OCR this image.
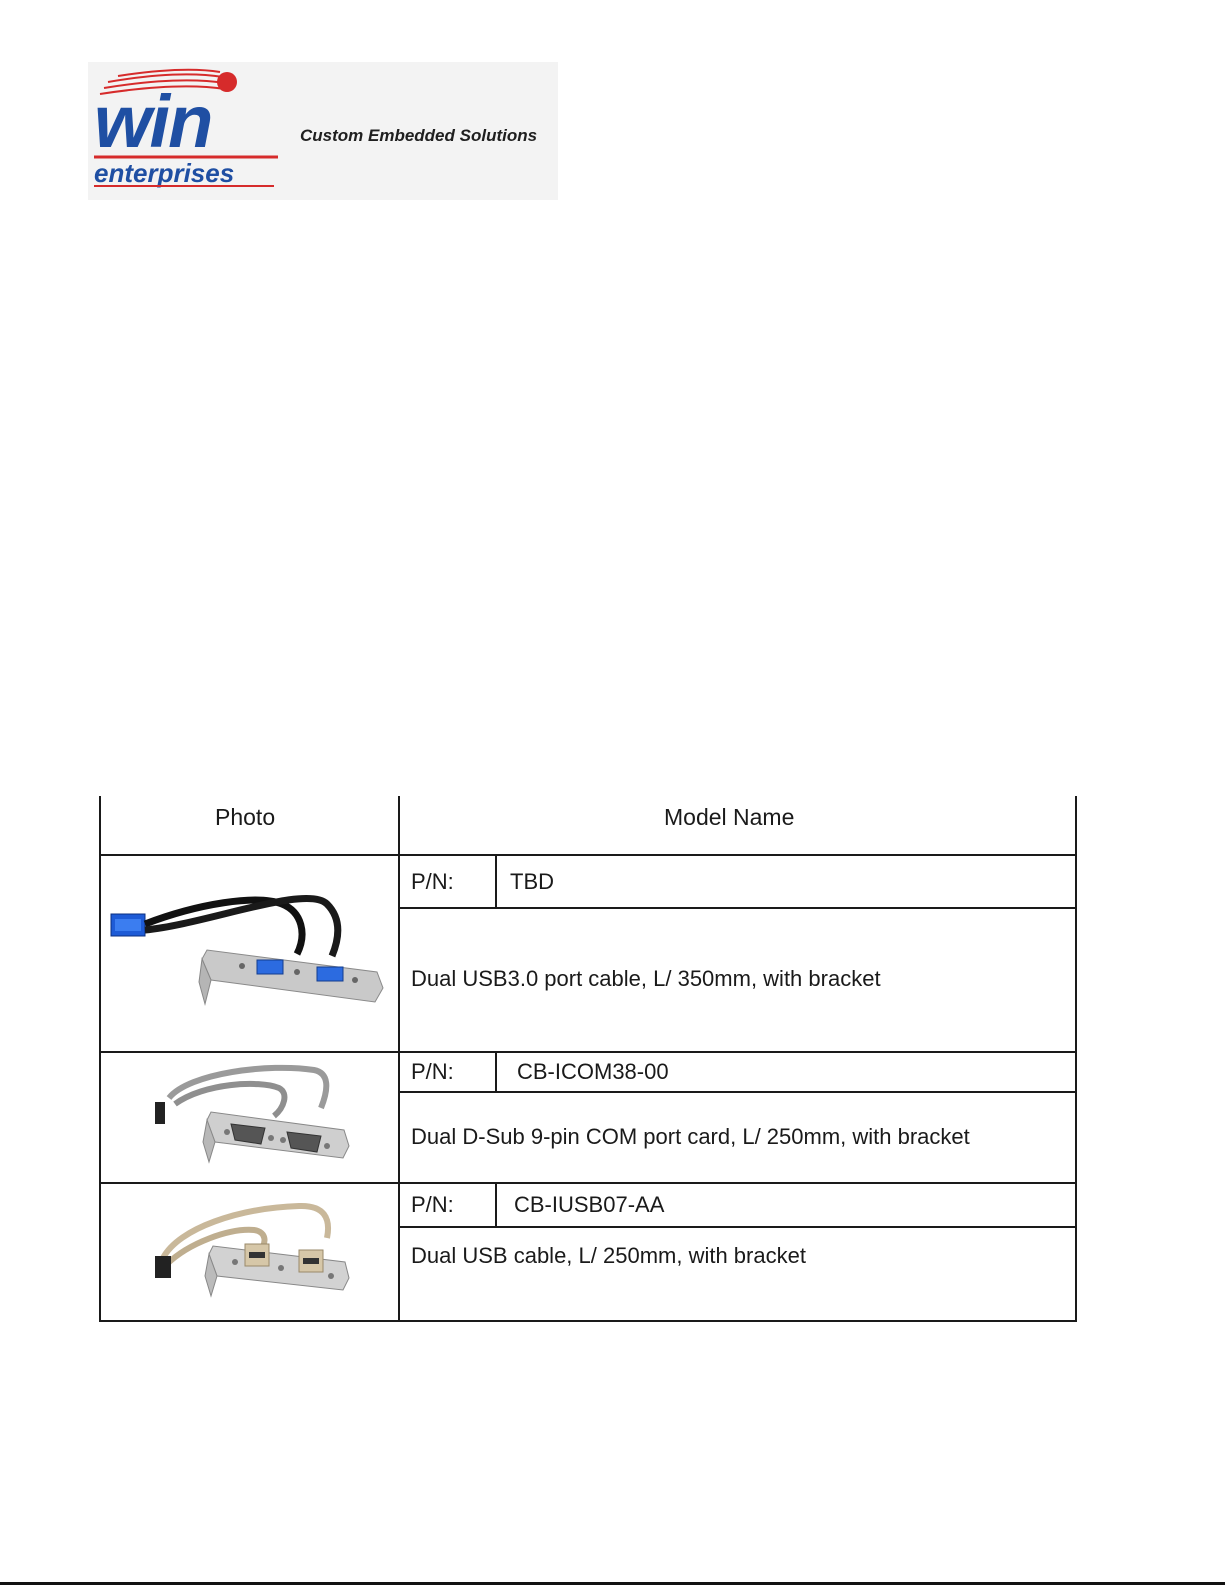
win
enterprises
Custom Embedded Solutions
Photo	Model Name
P/N:	TBD
Dual USB3.0 port cable, L/ 350mm, with bracket
P/N:	CB-ICOM38-00
Dual D-Sub 9-pin COM port card, L/ 250mm, with bracket
P/N:	CB-IUSB07-AA
Dual USB cable, L/ 250mm, with bracket
